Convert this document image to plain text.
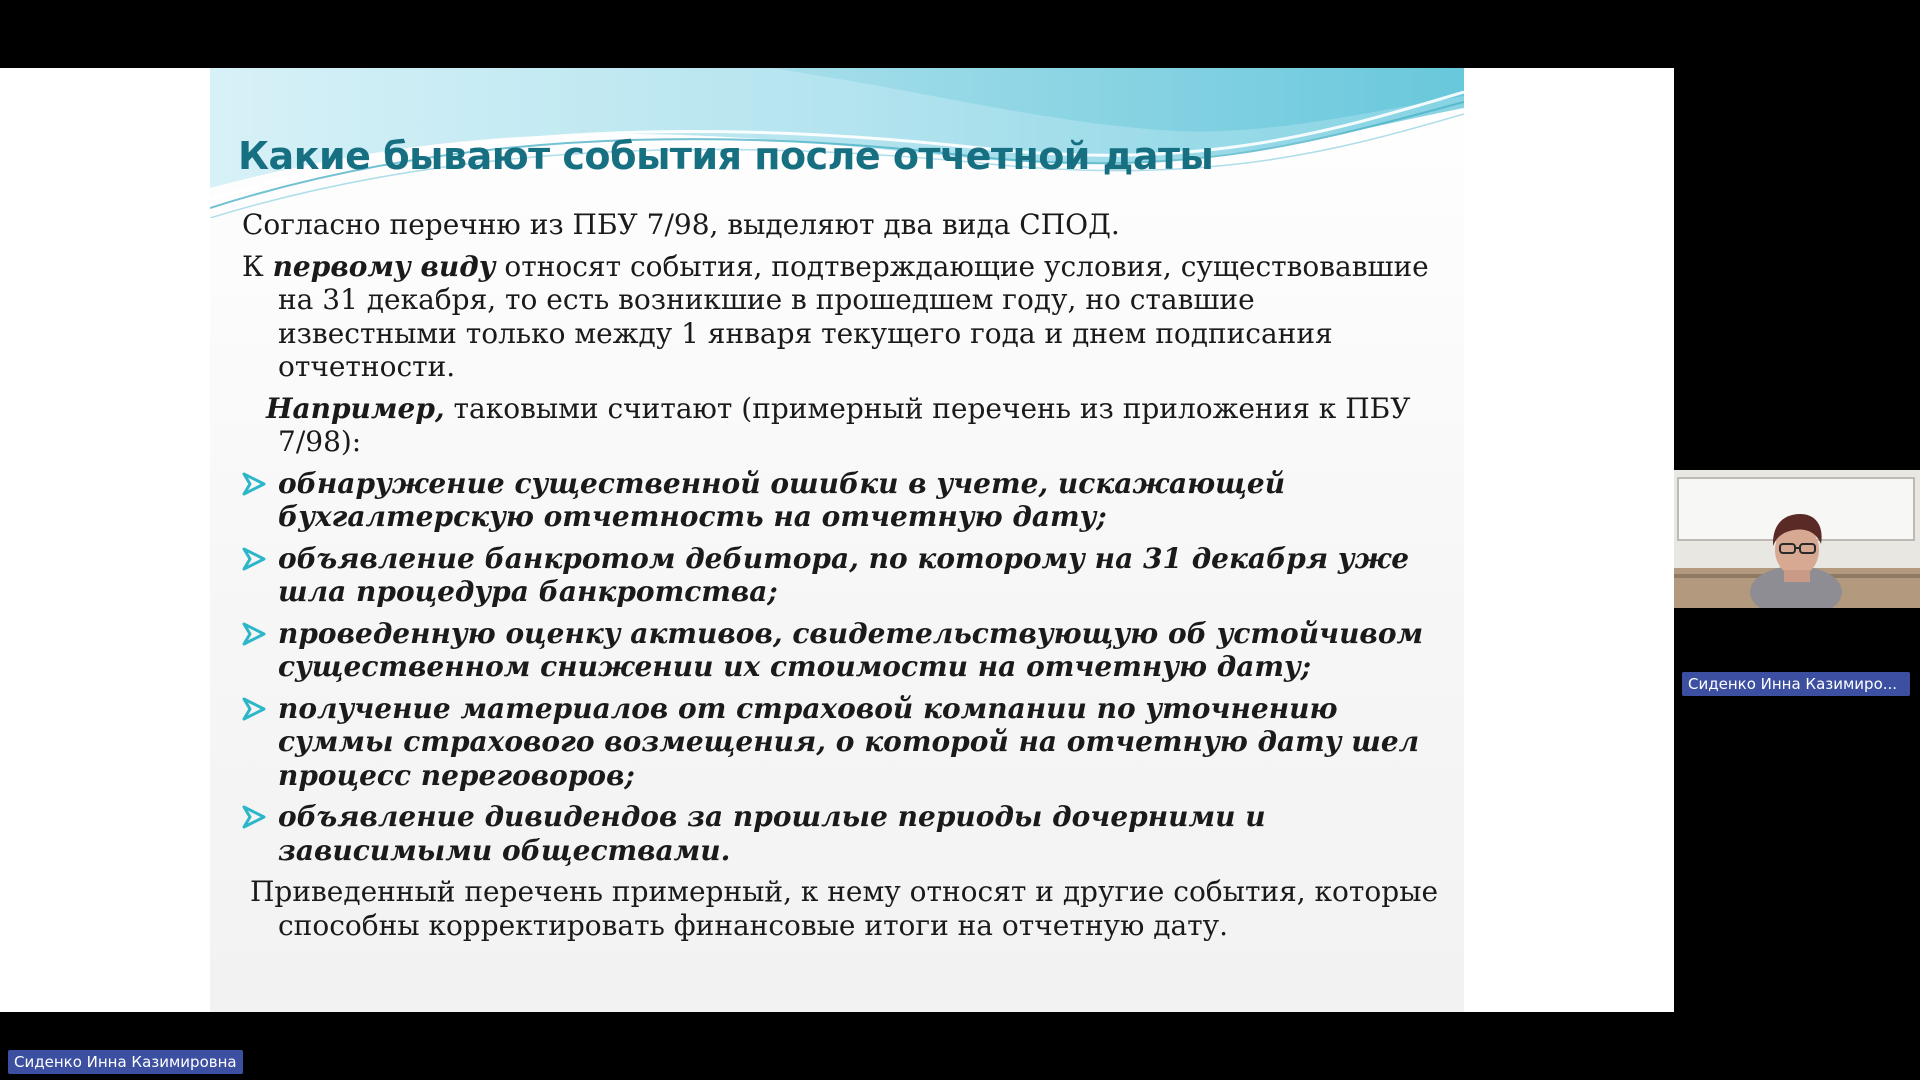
Какие бывают события после отчетной даты

Согласно перечню из ПБУ 7/98, выделяют два вида СПОД.

К первому виду относят события, подтверждающие условия, существовавшие на 31 декабря, то есть возникшие в прошедшем году, но ставшие известными только между 1 января текущего года и днем подписания отчетности.

Например, таковыми считают (примерный перечень из приложения к ПБУ 7/98):

обнаружение существенной ошибки в учете, искажающей бухгалтерскую отчетность на отчетную дату;
объявление банкротом дебитора, по которому на 31 декабря уже шла процедура банкротства;
проведенную оценку активов, свидетельствующую об устойчивом существенном снижении их стоимости на отчетную дату;
получение материалов от страховой компании по уточнению суммы страхового возмещения, о которой на отчетную дату шел процесс переговоров;
объявление дивидендов за прошлые периоды дочерними и зависимыми обществами.

Приведенный перечень примерный, к нему относят и другие события, которые способны корректировать финансовые итоги на отчетную дату.

Сиденко Инна Казимиро...
Сиденко Инна Казимировна
